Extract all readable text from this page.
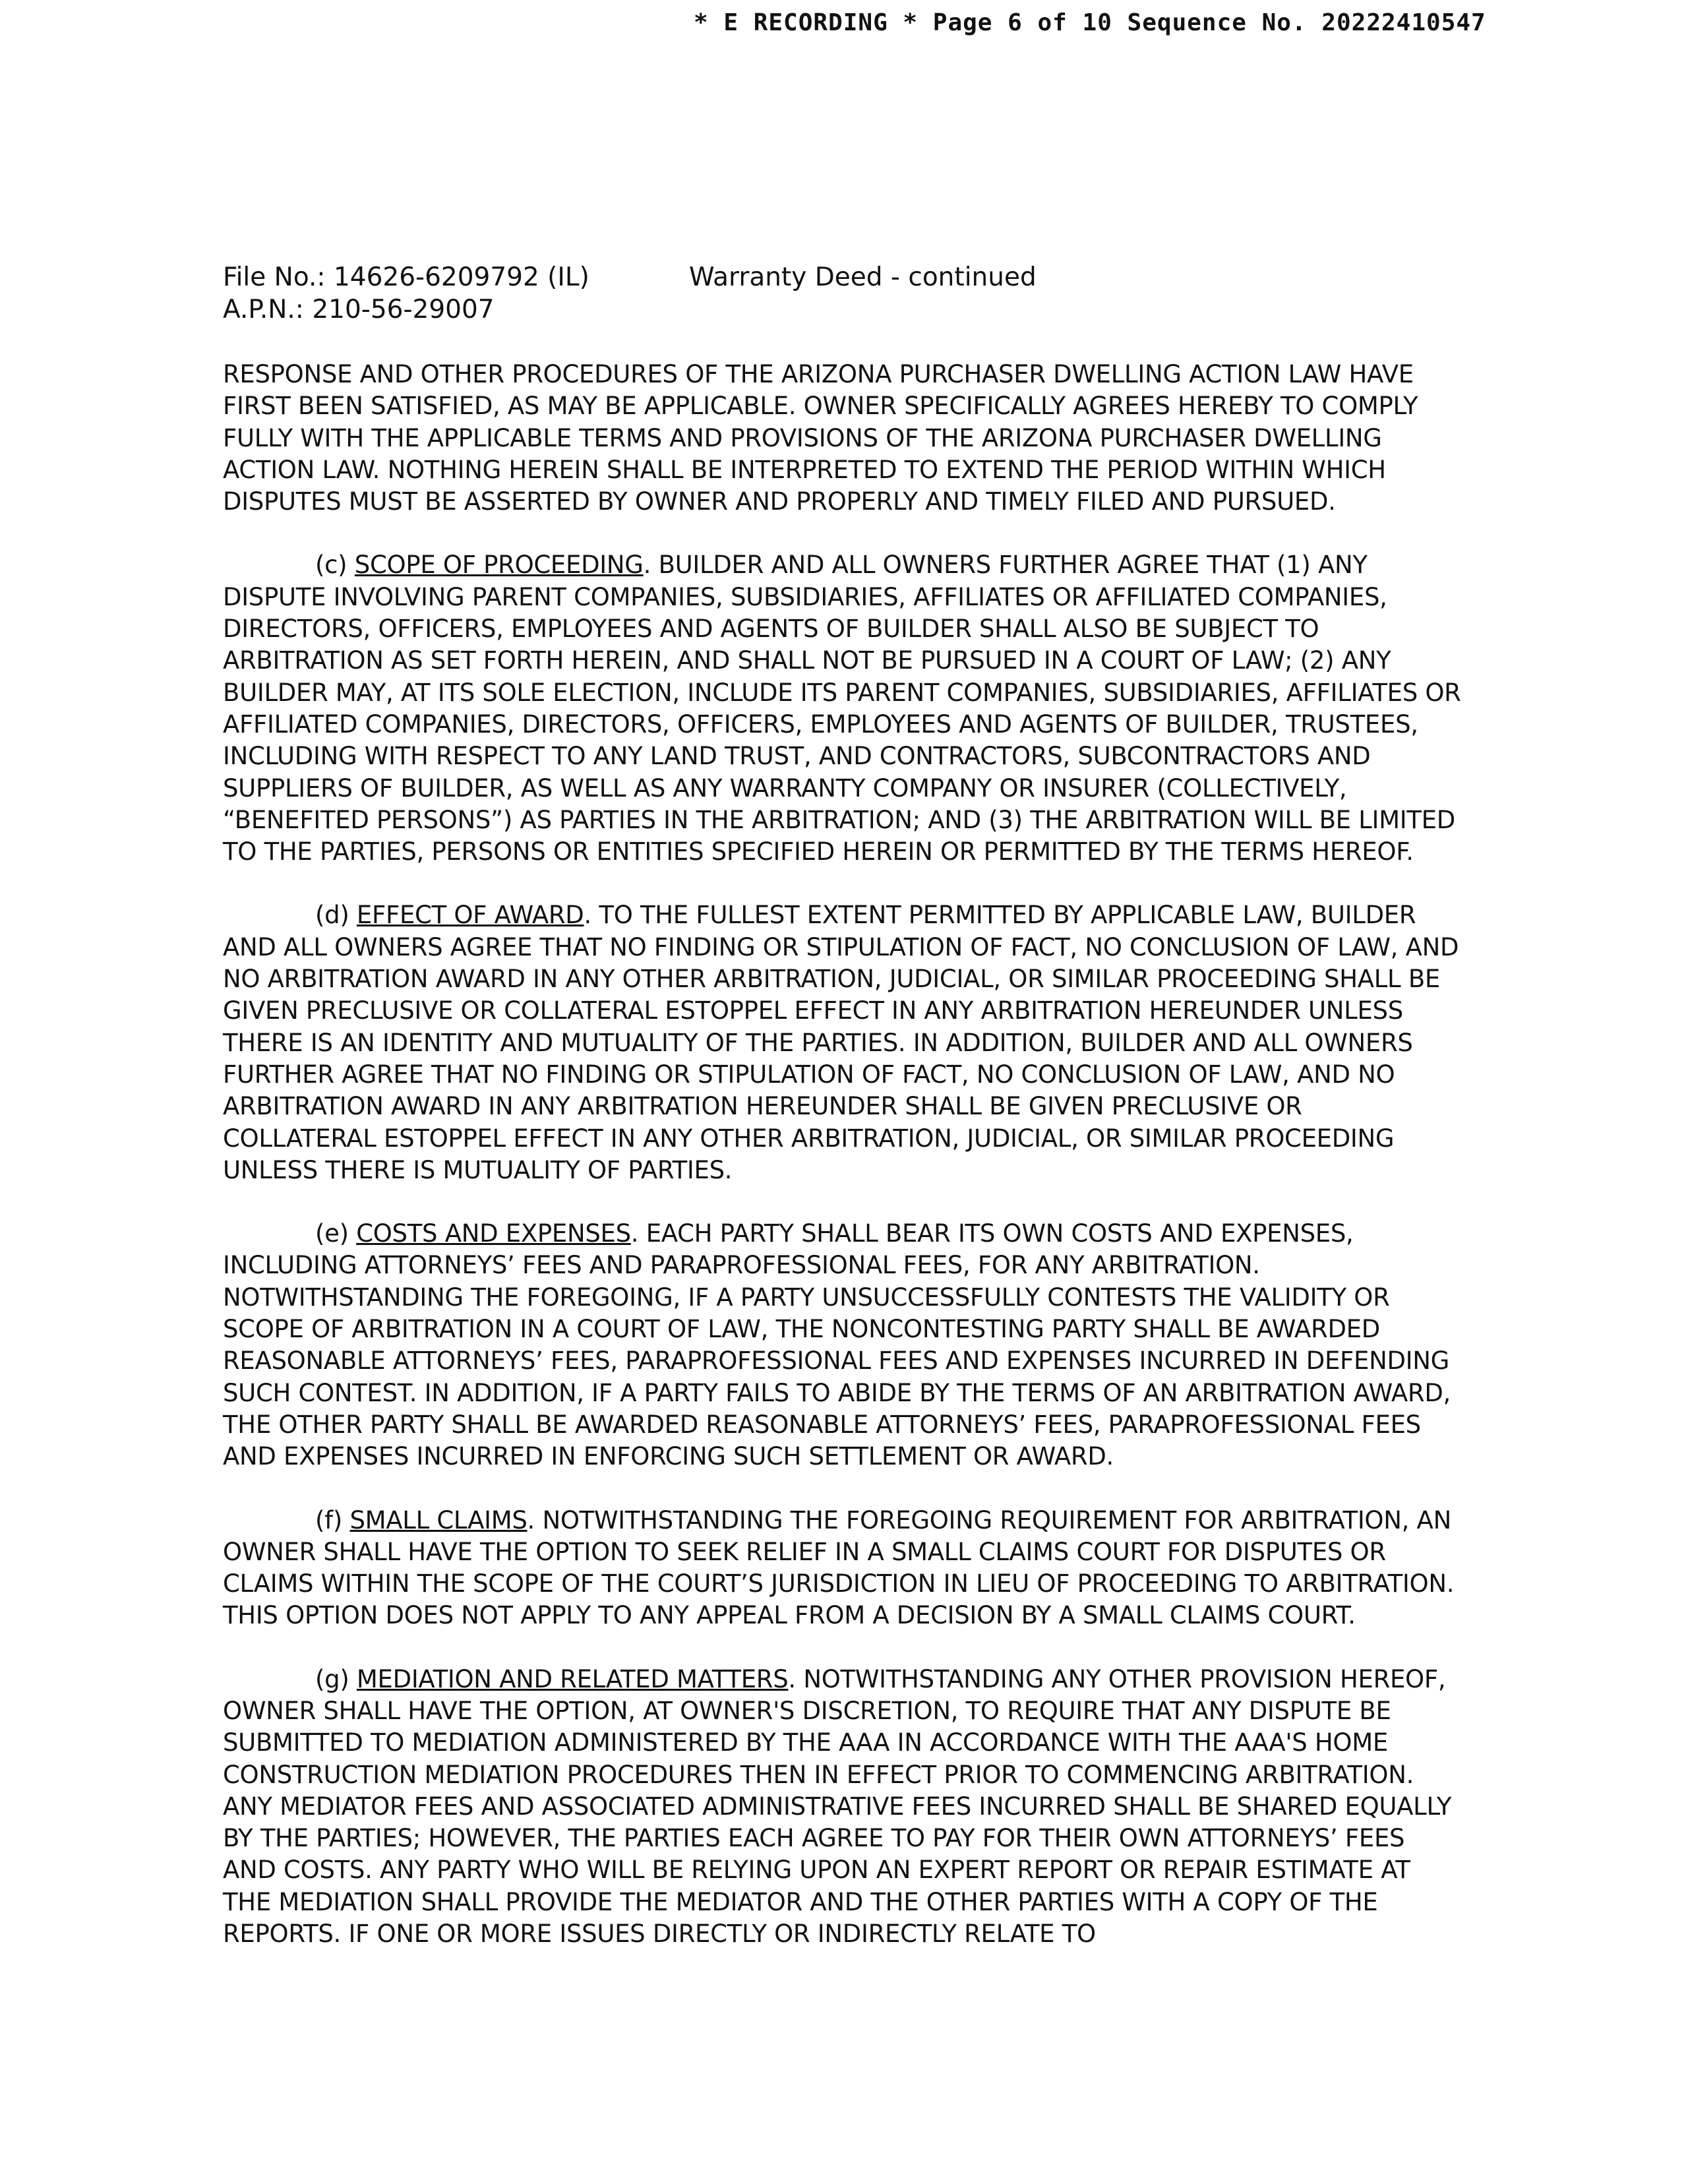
* E RECORDING * Page 6 of 10 Sequence No. 20222410547
File No.: 14626-6209792 (IL)
A.P.N.: 210-56-29007
Warranty Deed - continued

RESPONSE AND OTHER PROCEDURES OF THE ARIZONA PURCHASER DWELLING ACTION LAW HAVE FIRST BEEN SATISFIED, AS MAY BE APPLICABLE. OWNER SPECIFICALLY AGREES HEREBY TO COMPLY FULLY WITH THE APPLICABLE TERMS AND PROVISIONS OF THE ARIZONA PURCHASER DWELLING ACTION LAW. NOTHING HEREIN SHALL BE INTERPRETED TO EXTEND THE PERIOD WITHIN WHICH DISPUTES MUST BE ASSERTED BY OWNER AND PROPERLY AND TIMELY FILED AND PURSUED.

(c) SCOPE OF PROCEEDING. BUILDER AND ALL OWNERS FURTHER AGREE THAT (1) ANY DISPUTE INVOLVING PARENT COMPANIES, SUBSIDIARIES, AFFILIATES OR AFFILIATED COMPANIES, DIRECTORS, OFFICERS, EMPLOYEES AND AGENTS OF BUILDER SHALL ALSO BE SUBJECT TO ARBITRATION AS SET FORTH HEREIN, AND SHALL NOT BE PURSUED IN A COURT OF LAW; (2) ANY BUILDER MAY, AT ITS SOLE ELECTION, INCLUDE ITS PARENT COMPANIES, SUBSIDIARIES, AFFILIATES OR AFFILIATED COMPANIES, DIRECTORS, OFFICERS, EMPLOYEES AND AGENTS OF BUILDER, TRUSTEES, INCLUDING WITH RESPECT TO ANY LAND TRUST, AND CONTRACTORS, SUBCONTRACTORS AND SUPPLIERS OF BUILDER, AS WELL AS ANY WARRANTY COMPANY OR INSURER (COLLECTIVELY, “BENEFITED PERSONS”) AS PARTIES IN THE ARBITRATION; AND (3) THE ARBITRATION WILL BE LIMITED TO THE PARTIES, PERSONS OR ENTITIES SPECIFIED HEREIN OR PERMITTED BY THE TERMS HEREOF.

(d) EFFECT OF AWARD. TO THE FULLEST EXTENT PERMITTED BY APPLICABLE LAW, BUILDER AND ALL OWNERS AGREE THAT NO FINDING OR STIPULATION OF FACT, NO CONCLUSION OF LAW, AND NO ARBITRATION AWARD IN ANY OTHER ARBITRATION, JUDICIAL, OR SIMILAR PROCEEDING SHALL BE GIVEN PRECLUSIVE OR COLLATERAL ESTOPPEL EFFECT IN ANY ARBITRATION HEREUNDER UNLESS THERE IS AN IDENTITY AND MUTUALITY OF THE PARTIES. IN ADDITION, BUILDER AND ALL OWNERS FURTHER AGREE THAT NO FINDING OR STIPULATION OF FACT, NO CONCLUSION OF LAW, AND NO ARBITRATION AWARD IN ANY ARBITRATION HEREUNDER SHALL BE GIVEN PRECLUSIVE OR COLLATERAL ESTOPPEL EFFECT IN ANY OTHER ARBITRATION, JUDICIAL, OR SIMILAR PROCEEDING UNLESS THERE IS MUTUALITY OF PARTIES.

(e) COSTS AND EXPENSES. EACH PARTY SHALL BEAR ITS OWN COSTS AND EXPENSES, INCLUDING ATTORNEYS’ FEES AND PARAPROFESSIONAL FEES, FOR ANY ARBITRATION. NOTWITHSTANDING THE FOREGOING, IF A PARTY UNSUCCESSFULLY CONTESTS THE VALIDITY OR SCOPE OF ARBITRATION IN A COURT OF LAW, THE NONCONTESTING PARTY SHALL BE AWARDED REASONABLE ATTORNEYS’ FEES, PARAPROFESSIONAL FEES AND EXPENSES INCURRED IN DEFENDING SUCH CONTEST. IN ADDITION, IF A PARTY FAILS TO ABIDE BY THE TERMS OF AN ARBITRATION AWARD, THE OTHER PARTY SHALL BE AWARDED REASONABLE ATTORNEYS’ FEES, PARAPROFESSIONAL FEES AND EXPENSES INCURRED IN ENFORCING SUCH SETTLEMENT OR AWARD.

(f) SMALL CLAIMS. NOTWITHSTANDING THE FOREGOING REQUIREMENT FOR ARBITRATION, AN OWNER SHALL HAVE THE OPTION TO SEEK RELIEF IN A SMALL CLAIMS COURT FOR DISPUTES OR CLAIMS WITHIN THE SCOPE OF THE COURT’S JURISDICTION IN LIEU OF PROCEEDING TO ARBITRATION. THIS OPTION DOES NOT APPLY TO ANY APPEAL FROM A DECISION BY A SMALL CLAIMS COURT.

(g) MEDIATION AND RELATED MATTERS. NOTWITHSTANDING ANY OTHER PROVISION HEREOF, OWNER SHALL HAVE THE OPTION, AT OWNER'S DISCRETION, TO REQUIRE THAT ANY DISPUTE BE SUBMITTED TO MEDIATION ADMINISTERED BY THE AAA IN ACCORDANCE WITH THE AAA'S HOME CONSTRUCTION MEDIATION PROCEDURES THEN IN EFFECT PRIOR TO COMMENCING ARBITRATION. ANY MEDIATOR FEES AND ASSOCIATED ADMINISTRATIVE FEES INCURRED SHALL BE SHARED EQUALLY BY THE PARTIES; HOWEVER, THE PARTIES EACH AGREE TO PAY FOR THEIR OWN ATTORNEYS’ FEES AND COSTS. ANY PARTY WHO WILL BE RELYING UPON AN EXPERT REPORT OR REPAIR ESTIMATE AT THE MEDIATION SHALL PROVIDE THE MEDIATOR AND THE OTHER PARTIES WITH A COPY OF THE REPORTS. IF ONE OR MORE ISSUES DIRECTLY OR INDIRECTLY RELATE TO
